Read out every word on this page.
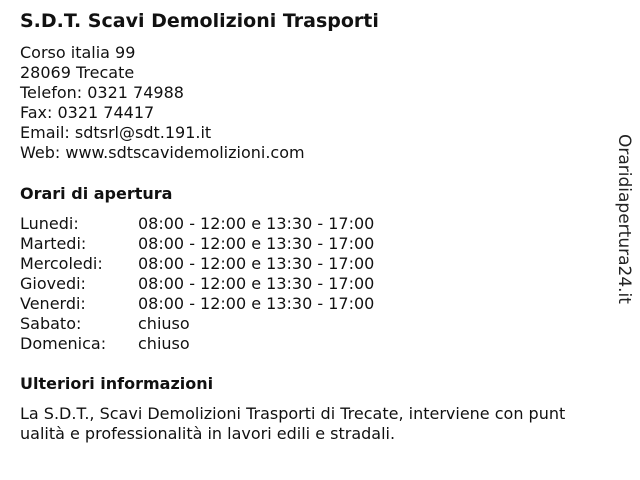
S.D.T. Scavi Demolizioni Trasporti
Corso italia 99
28069 Trecate
Telefon: 0321 74988
Fax: 0321 74417
Email: sdtsrl@sdt.191.it
Web: www.sdtscavidemolizioni.com
Orari di apertura
Lunedi:	08:00 - 12:00 e 13:30 - 17:00
Martedi:	08:00 - 12:00 e 13:30 - 17:00
Mercoledi: 08:00 - 12:00 e 13:30 - 17:00
Giovedi:	08:00 - 12:00 e 13:30 - 17:00
Venerdi:	08:00 - 12:00 e 13:30 - 17:00
Sabato:	chiuso
Domenica: chiuso
Ulteriori informazioni
La S.D.T., Scavi Demolizioni Trasporti di Trecate, interviene con punt
ualità e professionalità in lavori edili e stradali.
Oraridiapertura24.it
